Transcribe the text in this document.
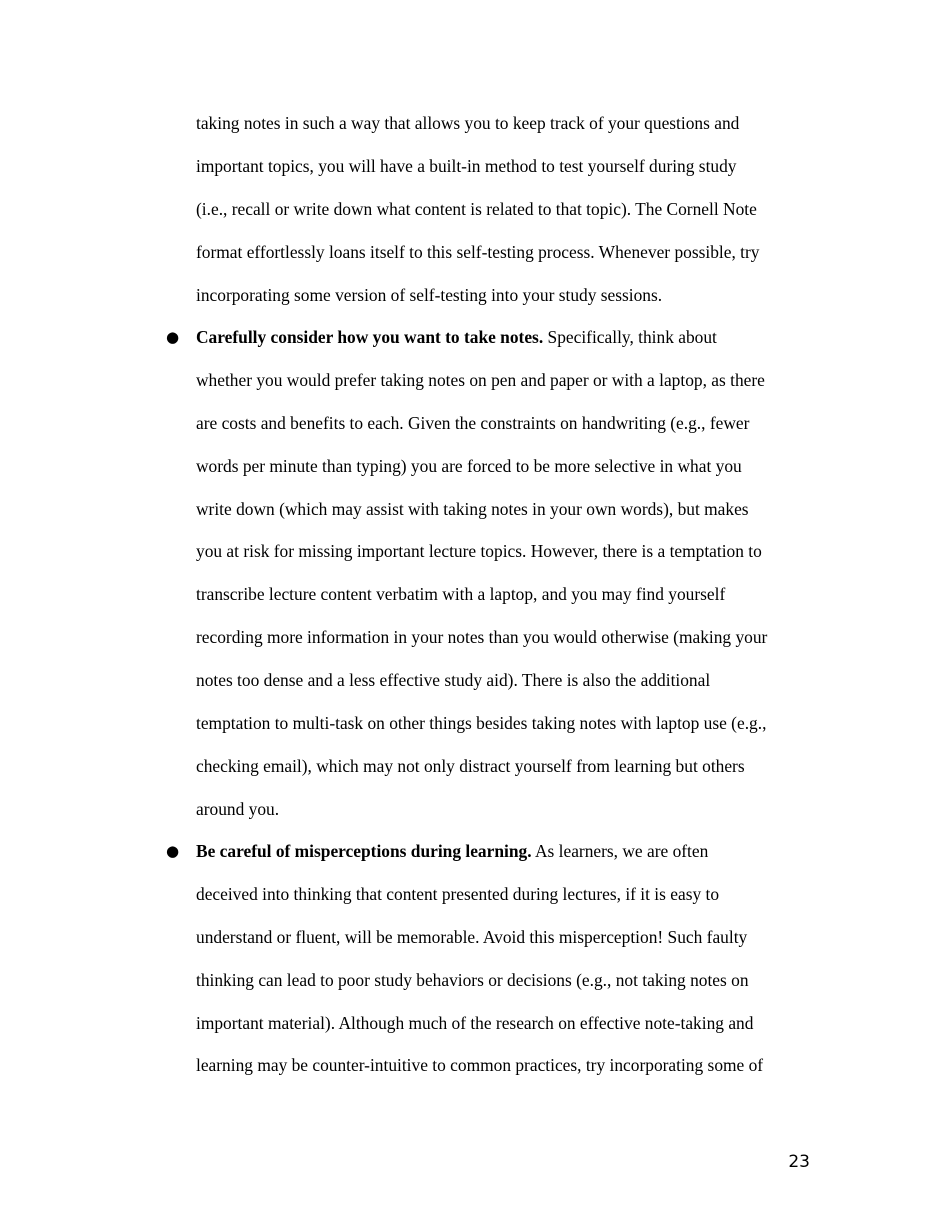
taking notes in such a way that allows you to keep track of your questions and
important topics, you will have a built-in method to test yourself during study
(i.e., recall or write down what content is related to that topic). The Cornell Note
format effortlessly loans itself to this self-testing process. Whenever possible, try
incorporating some version of self-testing into your study sessions.
● Carefully consider how you want to take notes. Specifically, think about
whether you would prefer taking notes on pen and paper or with a laptop, as there
are costs and benefits to each. Given the constraints on handwriting (e.g., fewer
words per minute than typing) you are forced to be more selective in what you
write down (which may assist with taking notes in your own words), but makes
you at risk for missing important lecture topics. However, there is a temptation to
transcribe lecture content verbatim with a laptop, and you may find yourself
recording more information in your notes than you would otherwise (making your
notes too dense and a less effective study aid). There is also the additional
temptation to multi-task on other things besides taking notes with laptop use (e.g.,
checking email), which may not only distract yourself from learning but others
around you.
● Be careful of misperceptions during learning. As learners, we are often
deceived into thinking that content presented during lectures, if it is easy to
understand or fluent, will be memorable. Avoid this misperception! Such faulty
thinking can lead to poor study behaviors or decisions (e.g., not taking notes on
important material). Although much of the research on effective note-taking and
learning may be counter-intuitive to common practices, try incorporating some of
23
